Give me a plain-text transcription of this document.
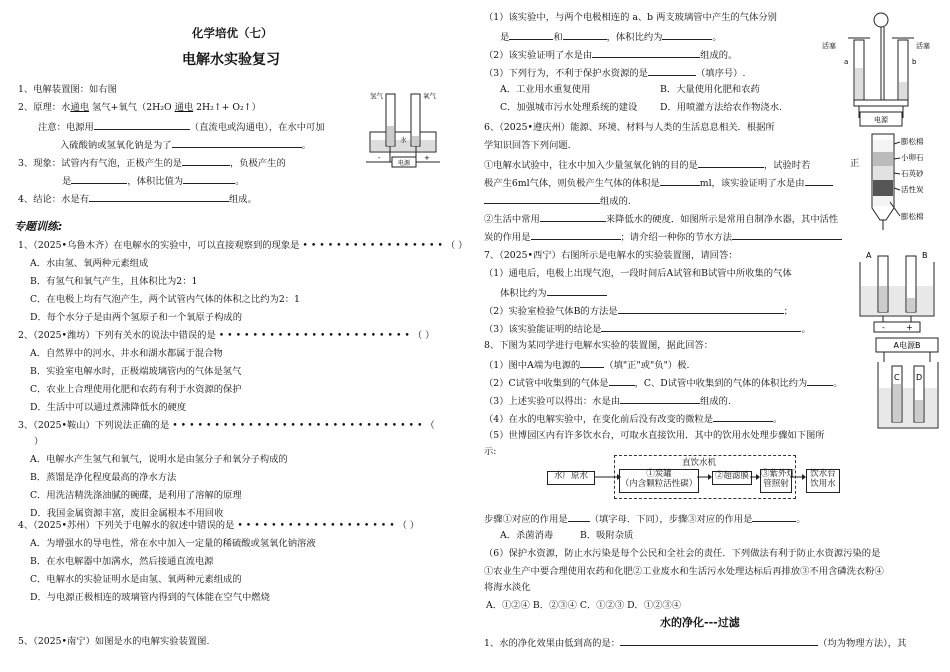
化学培优（七）
电解水实验复习
1、电解装置图：如右图
2、原理：水通电 氢气+氧气（2H₂O 通电 2H₂↑+ O₂↑）
注意：电源用	（直流电或沟通电），在水中可加
入硫酸钠或氢氧化钠是为了	。
3、现象：试管内有气泡，正极产生的是	，负极产生的
是	，体积比值为	。
4、结论：水是有	组成。
电源
氢气	氧气
水
-	+
专题训练:
1、（2025•乌鲁木齐）在电解水的实验中，可以直接观察到的现象是 • • • • • • • • • • • • • • • • • （ ）
A．水由氢、氧两种元素组成
B．有氢气和氧气产生，且体积比为2：1
C．在电极上均有气泡产生，两个试管内气体的体积之比约为2：1
D．每个水分子是由两个氢原子和一个氧原子构成的
2、（2025•潍坊）下列有关水的说法中错误的是 • • • • • • • • • • • • • • • • • • • • • • • （ ）
A．自然界中的河水、井水和湖水都属于混合物
B．实验室电解水时，正极端玻璃管内的气体是氢气
C．农业上合理使用化肥和农药有利于水资源的保护
D．生活中可以通过煮沸降低水的硬度
3、（2025•鞍山）下列说法正确的是 • • • • • • • • • • • • • • • • • • • • • • • • • • • • • • （
）
A．电解水产生氢气和氧气，说明水是由氢分子和氧分子构成的
B．蒸馏是净化程度最高的净水方法
C．用洗洁精洗涤油腻的碗碟，是利用了溶解的原理
D．我国金属资源丰富，废旧金属根本不用回收
4、（2025•苏州）下列关于电解水的叙述中错误的是 • • • • • • • • • • • • • • • • • • • （ ）
A．为增强水的导电性，常在水中加入一定量的稀硫酸或氢氧化钠溶液
B．在水电解器中加满水，然后接通直流电源
C．电解水的实验证明水是由氢、氧两种元素组成的
D．与电源正极相连的玻璃管内得到的气体能在空气中燃烧
5、（2025•南宁）如图是水的电解实验装置图.
（1）该实验中，与两个电极相连的 a、b 两支玻璃管中产生的气体分别
是	和	，体积比约为	。
（2）该实验证明了水是由	组成的。
（3）下列行为，不利于保护水资源的是	（填序号）.
A．工业用水重复使用	B．大量使用化肥和农药
C．加强城市污水处理系统的建设 D．用喷灌方法给农作物浇水.
6、（2025•遵庆州）能源、环境、材料与人类的生活息息相关．根据所
学知识回答下列问题.
①电解水试验中，往水中加入少量氢氧化钠的目的是	，试验时若	正
极产生6ml气体，则负极产生气体的体积是	ml，该实验证明了水是由
组成的.
②生活中常用	来降低水的硬度．如图所示是常用自制净水器，其中活性
炭的作用是	；请介绍一种你的节水方法
7、（2025•西宁）右图所示是电解水的实验装置图，请回答：
（1）通电后，电极上出现气泡，一段时间后A试管和B试管中所收集的气体
体积比约为
（2）实验室检验气体B的方法是	；
（3）该实验能证明的结论是	。
8、下图为某同学进行电解水实验的装置图，据此回答：
（1）图中A端为电源的	（填"正"或"负"）极.
（2）C试管中收集到的气体是	，C、D试管中收集到的气体的体积比约为	。
（3）上述实验可以得出：水是由	组成的.
（4）在水的电解实验中，在变化前后没有改变的微粒是	。
（5）世博园区内有许多饮水台，可取水直接饮用．其中的饮用水处理步骤如下图所
示:
直饮水机
水厂原水	①炭罐
（内含颗粒活性碳）
②超滤膜	③紫外灯
管照射
饮水台
饮用水
步骤①对应的作用是 （填字母．下同），步骤③对应的作用是	。
A．杀菌消毒	B．吸附杂质
（6）保护水资源，防止水污染是每个公民和全社会的责任．下列做法有利于防止水资源污染的是
①农业生产中要合理使用农药和化肥②工业废水和生活污水处理达标后再排放③不用含磷洗衣粉④
将海水淡化
A．①②④ B．②③④ C．①②③ D．①②③④
水的净化---过滤
1、水的净化效果由低到高的是：	（均为物理方法），其
电源
活塞	活塞
a	b
膨松棉
小卵石
石英砂
活性炭
膨松棉
A	B
-	+
A电源B
C D
